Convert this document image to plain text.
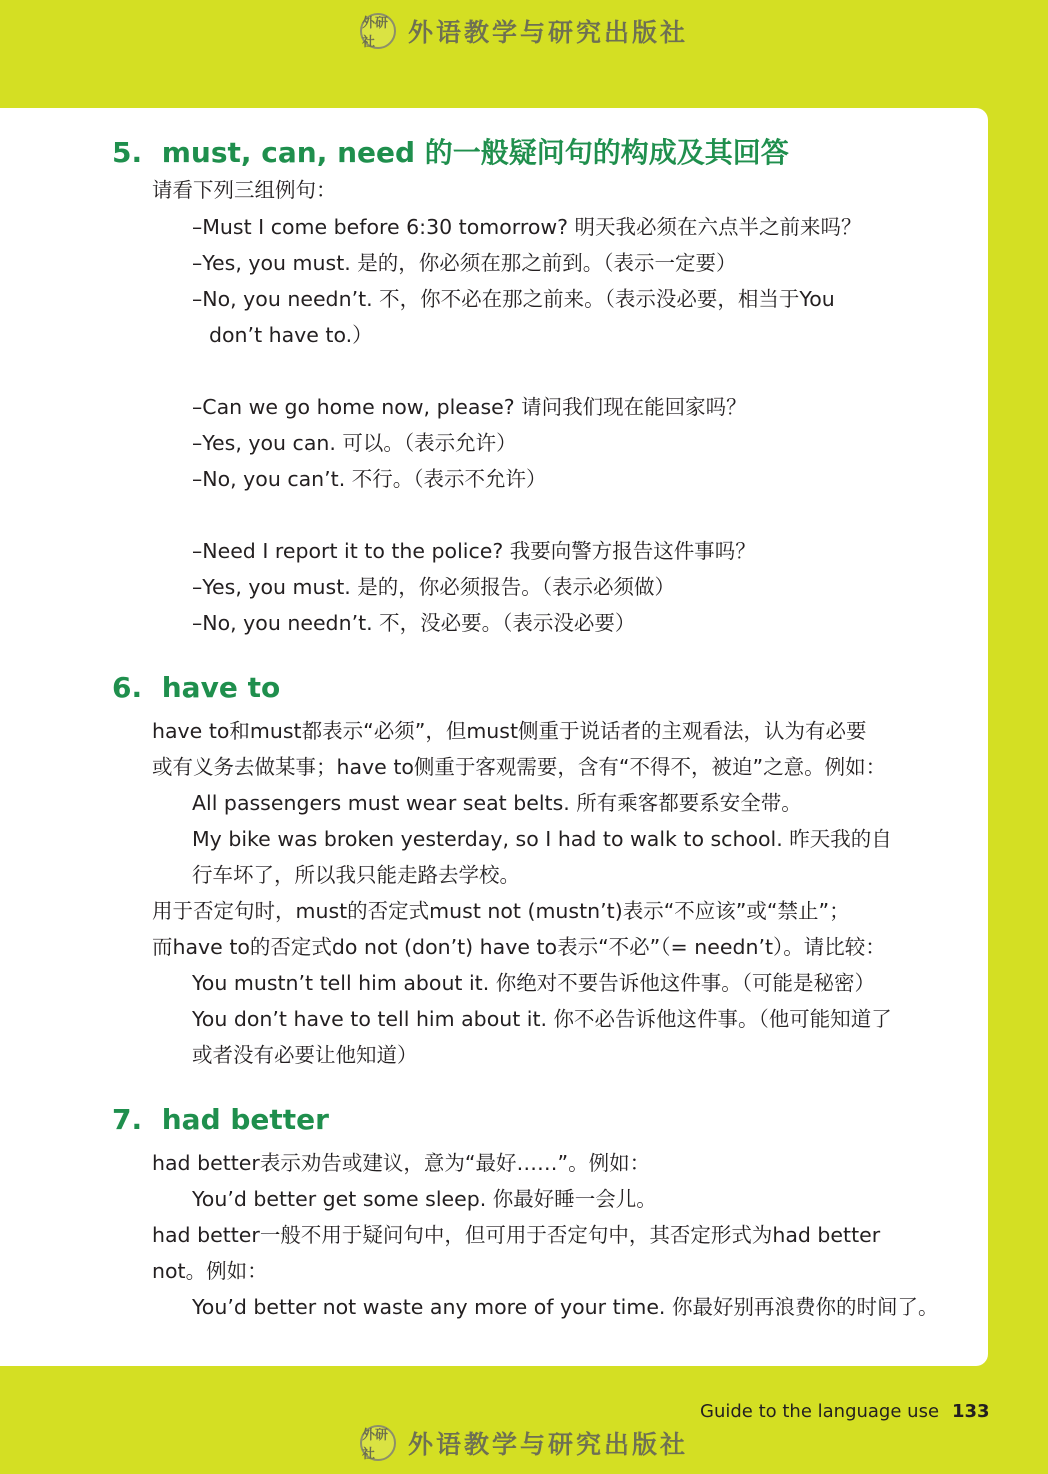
外研社	外语教学与研究出版社
5. must, can, need 的一般疑问句的构成及其回答
请看下列三组例句：
–Must I come before 6:30 tomorrow? 明天我必须在六点半之前来吗？
–Yes, you must. 是的，你必须在那之前到。（表示一定要）
–No, you needn’t. 不，你不必在那之前来。（表示没必要，相当于You
don’t have to.）
–Can we go home now, please? 请问我们现在能回家吗？
–Yes, you can. 可以。（表示允许）
–No, you can’t. 不行。（表示不允许）
–Need I report it to the police? 我要向警方报告这件事吗？
–Yes, you must. 是的，你必须报告。（表示必须做）
–No, you needn’t. 不，没必要。（表示没必要）
6. have to
have to和must都表示“必须”，但must侧重于说话者的主观看法，认为有必要
或有义务去做某事；have to侧重于客观需要，含有“不得不，被迫”之意。例如：
All passengers must wear seat belts. 所有乘客都要系安全带。
My bike was broken yesterday, so I had to walk to school. 昨天我的自
行车坏了，所以我只能走路去学校。
用于否定句时，must的否定式must not (mustn’t)表示“不应该”或“禁止”；
而have to的否定式do not (don’t) have to表示“不必”（= needn’t）。请比较：
You mustn’t tell him about it. 你绝对不要告诉他这件事。（可能是秘密）
You don’t have to tell him about it. 你不必告诉他这件事。（他可能知道了
或者没有必要让他知道）
7. had better
had better表示劝告或建议，意为“最好……”。例如：
You’d better get some sleep. 你最好睡一会儿。
had better一般不用于疑问句中，但可用于否定句中，其否定形式为had better
not。例如：
You’d better not waste any more of your time. 你最好别再浪费你的时间了。
Guide to the language use 133
外研社	外语教学与研究出版社
